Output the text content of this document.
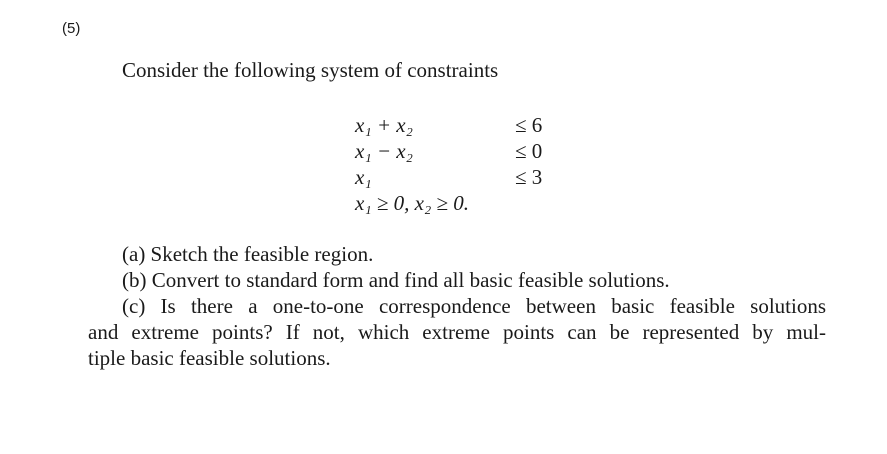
(5)
Consider the following system of constraints
x₁ + x₂	≤ 6
x₁ − x₂	≤ 0
x₁	≤ 3
x₁ ≥ 0, x₂ ≥ 0.
(a) Sketch the feasible region.
(b) Convert to standard form and find all basic feasible solutions.
(c) Is there a one-to-one correspondence between basic feasible solutions
and extreme points? If not, which extreme points can be represented by mul-
tiple basic feasible solutions.
